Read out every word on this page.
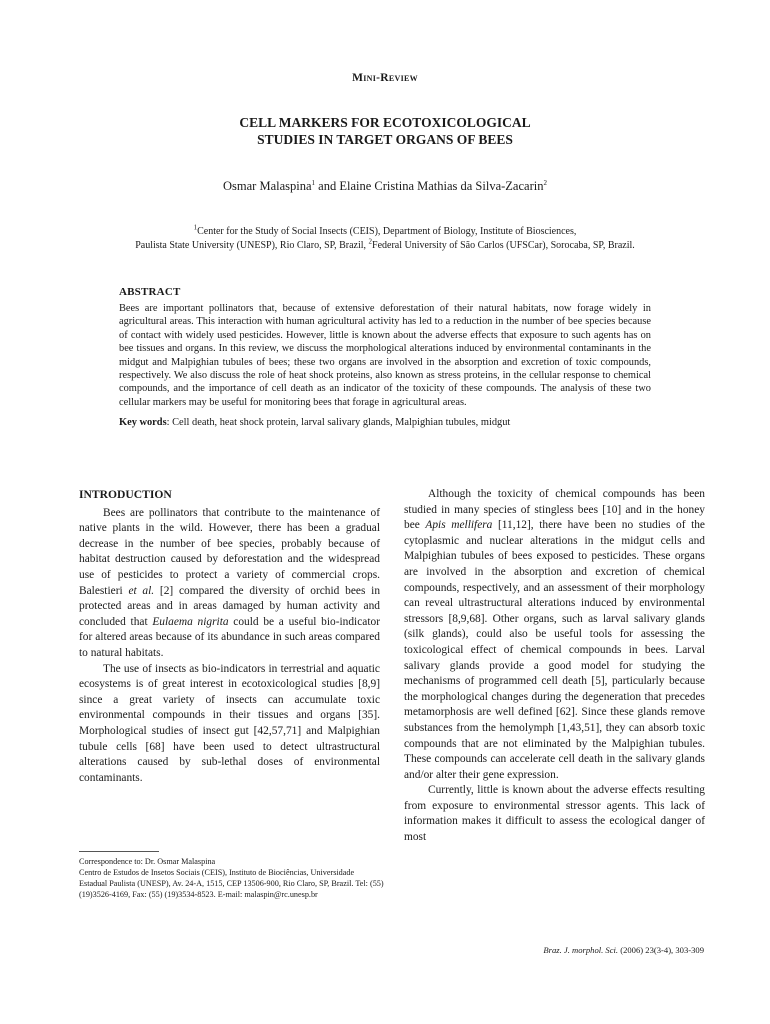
Mini-Review
CELL MARKERS FOR ECOTOXICOLOGICAL
STUDIES IN TARGET ORGANS OF BEES
Osmar Malaspina$^1$ and Elaine Cristina Mathias da Silva-Zacarin$^2$
$^1$Center for the Study of Social Insects (CEIS), Department of Biology, Institute of Biosciences,
Paulista State University (UNESP), Rio Claro, SP, Brazil, $^2$Federal University of São Carlos (UFSCar), Sorocaba, SP, Brazil.
ABSTRACT
Bees are important pollinators that, because of extensive deforestation of their natural habitats, now forage widely in agricultural areas. This interaction with human agricultural activity has led to a reduction in the number of bee species because of contact with widely used pesticides. However, little is known about the adverse effects that exposure to such agents has on bee tissues and organs. In this review, we discuss the morphological alterations induced by environmental contaminants in the midgut and Malpighian tubules of bees; these two organs are involved in the absorption and excretion of toxic compounds, respectively. We also discuss the role of heat shock proteins, also known as stress proteins, in the cellular response to chemical compounds, and the importance of cell death as an indicator of the toxicity of these compounds. The analysis of these two cellular markers may be useful for monitoring bees that forage in agricultural areas.
Key words: Cell death, heat shock protein, larval salivary glands, Malpighian tubules, midgut
INTRODUCTION

Bees are pollinators that contribute to the maintenance of native plants in the wild. However, there has been a gradual decrease in the number of bee species, probably because of habitat destruction caused by deforestation and the widespread use of pesticides to protect a variety of commercial crops. Balestieri et al. [2] compared the diversity of orchid bees in protected areas and in areas damaged by human activity and concluded that Eulaema nigrita could be a useful bio-indicator for altered areas because of its abundance in such areas compared to natural habitats.

The use of insects as bio-indicators in terrestrial and aquatic ecosystems is of great interest in ecotoxicological studies [8,9] since a great variety of insects can accumulate toxic environmental compounds in their tissues and organs [35]. Morphological studies of insect gut [42,57,71] and Malpighian tubule cells [68] have been used to detect ultrastructural alterations caused by sub-lethal doses of environmental contaminants.

Although the toxicity of chemical compounds has been studied in many species of stingless bees [10] and in the honey bee Apis mellifera [11,12], there have been no studies of the cytoplasmic and nuclear alterations in the midgut cells and Malpighian tubules of bees exposed to pesticides. These organs are involved in the absorption and excretion of chemical compounds, respectively, and an assessment of their morphology can reveal ultrastructural alterations induced by environmental stressors [8,9,68]. Other organs, such as larval salivary glands (silk glands), could also be useful tools for assessing the toxicological effect of chemical compounds in bees. Larval salivary glands provide a good model for studying the mechanisms of programmed cell death [5], particularly because the morphological changes during the degeneration that precedes metamorphosis are well defined [62]. Since these glands remove substances from the hemolymph [1,43,51], they can absorb toxic compounds that are not eliminated by the Malpighian tubules. These compounds can accelerate cell death in the salivary glands and/or alter their gene expression.

Currently, little is known about the adverse effects resulting from exposure to environmental stressor agents. This lack of information makes it difficult to assess the ecological danger of most

Correspondence to: Dr. Osmar Malaspina
Centro de Estudos de Insetos Sociais (CEIS), Instituto de Biociências, Universidade Estadual Paulista (UNESP), Av. 24-A, 1515, CEP 13506-900, Rio Claro, SP, Brazil. Tel: (55) (19)3526-4169, Fax: (55) (19)3534-8523. E-mail: malaspin@rc.unesp.br
Braz. J. morphol. Sci. (2006) 23(3-4), 303-309
